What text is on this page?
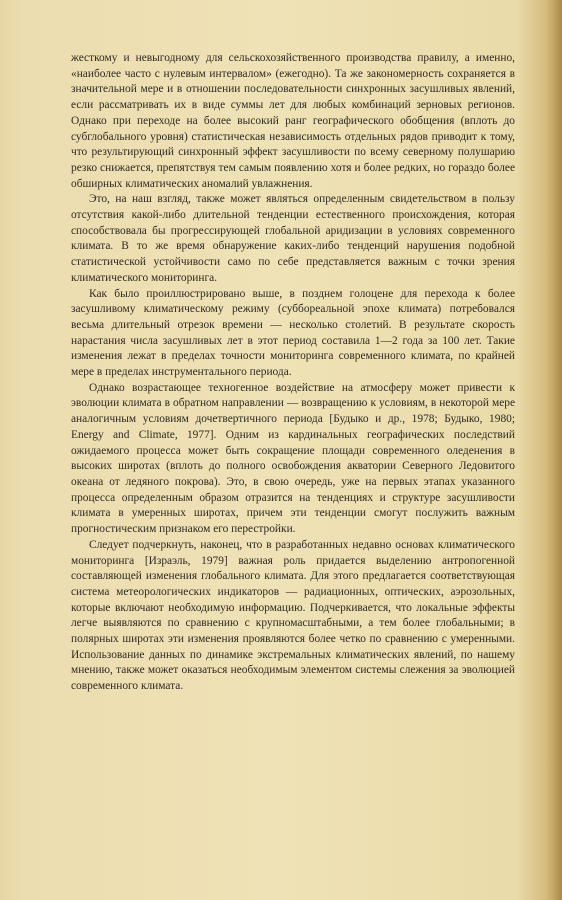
жесткому и невыгодному для сельскохозяйственного производства правилу, а именно, «наиболее часто с нулевым интервалом» (ежегодно). Та же закономерность сохраняется в значительной мере и в отношении последовательности синхронных засушливых явлений, если рассматривать их в виде суммы лет для любых комбинаций зерновых регионов. Однако при переходе на более высокий ранг географического обобщения (вплоть до субглобального уровня) статистическая независимость отдельных рядов приводит к тому, что результирующий синхронный эффект засушливости по всему северному полушарию резко снижается, препятствуя тем самым появлению хотя и более редких, но гораздо более обширных климатических аномалий увлажнения.

Это, на наш взгляд, также может являться определенным свидетельством в пользу отсутствия какой-либо длительной тенденции естественного происхождения, которая способствовала бы прогрессирующей глобальной аридизации в условиях современного климата. В то же время обнаружение каких-либо тенденций нарушения подобной статистической устойчивости само по себе представляется важным с точки зрения климатического мониторинга.

Как было проиллюстрировано выше, в позднем голоцене для перехода к более засушливому климатическому режиму (суббореальной эпохе климата) потребовался весьма длительный отрезок времени — несколько столетий. В результате скорость нарастания числа засушливых лет в этот период составила 1—2 года за 100 лет. Такие изменения лежат в пределах точности мониторинга современного климата, по крайней мере в пределах инструментального периода.

Однако возрастающее техногенное воздействие на атмосферу может привести к эволюции климата в обратном направлении — возвращению к условиям, в некоторой мере аналогичным условиям дочетвертичного периода [Будыко и др., 1978; Будыко, 1980; Energy and Climate, 1977]. Одним из кардинальных географических последствий ожидаемого процесса может быть сокращение площади современного оледенения в высоких широтах (вплоть до полного освобождения акватории Северного Ледовитого океана от ледяного покрова). Это, в свою очередь, уже на первых этапах указанного процесса определенным образом отразится на тенденциях и структуре засушливости климата в умеренных широтах, причем эти тенденции смогут послужить важным прогностическим признаком его перестройки.

Следует подчеркнуть, наконец, что в разработанных недавно основах климатического мониторинга [Израэль, 1979] важная роль придается выделению антропогенной составляющей изменения глобального климата. Для этого предлагается соответствующая система метеорологических индикаторов — радиационных, оптических, аэрозольных, которые включают необходимую информацию. Подчеркивается, что локальные эффекты легче выявляются по сравнению с крупномасштабными, а тем более глобальными; в полярных широтах эти изменения проявляются более четко по сравнению с умеренными. Использование данных по динамике экстремальных климатических явлений, по нашему мнению, также может оказаться необходимым элементом системы слежения за эволюцией современного климата.
